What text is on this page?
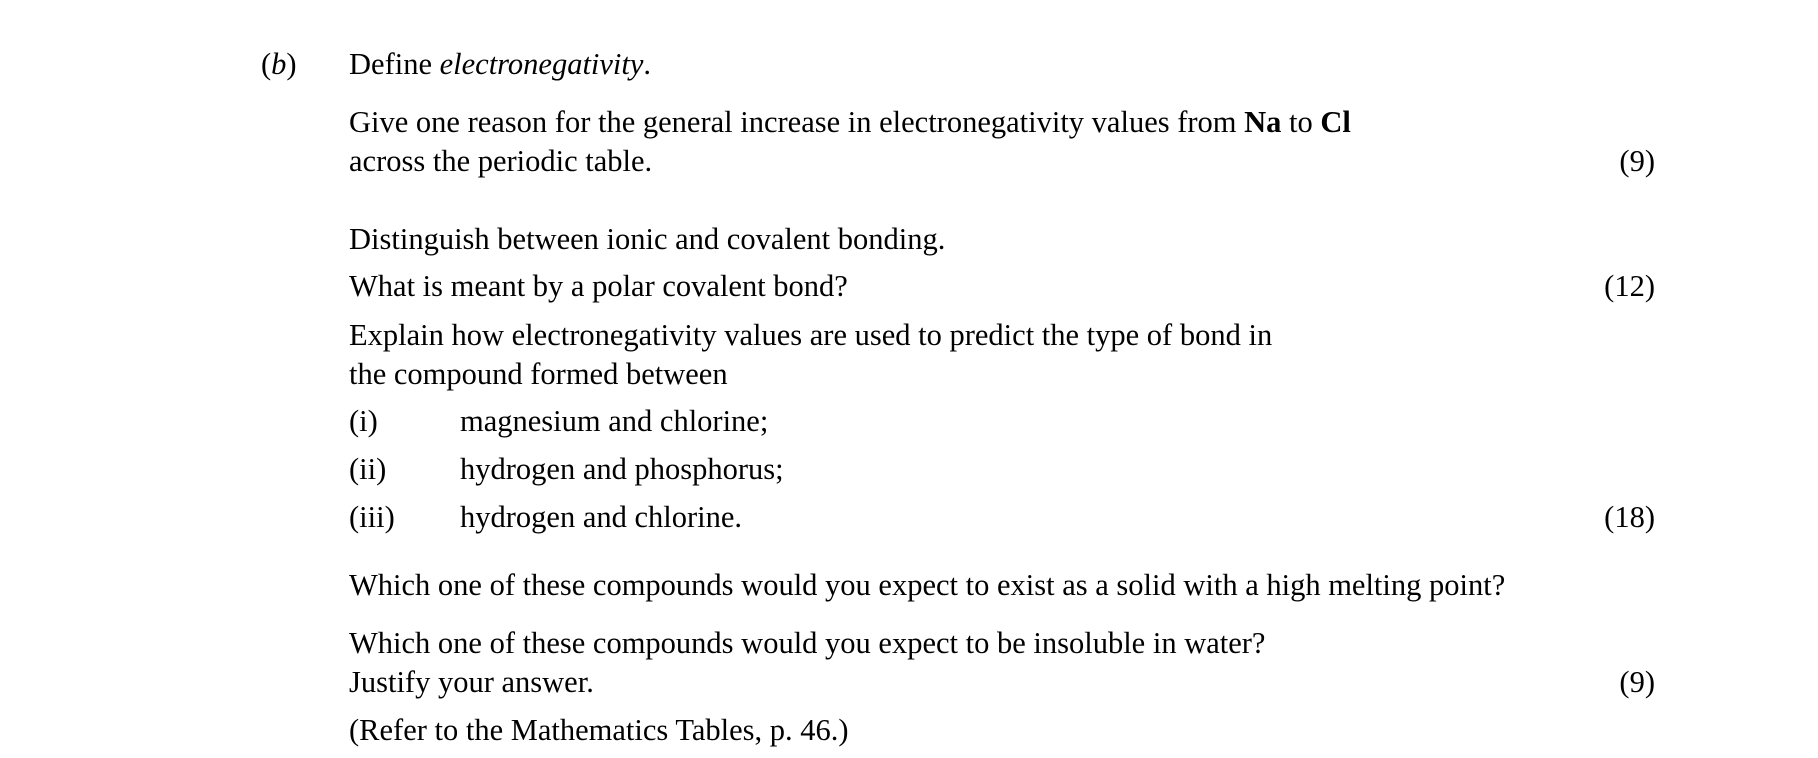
(b) Define electronegativity.
Give one reason for the general increase in electronegativity values from Na to Cl
across the periodic table.	(9)
Distinguish between ionic and covalent bonding.
What is meant by a polar covalent bond?	(12)
Explain how electronegativity values are used to predict the type of bond in
the compound formed between
(i)	magnesium and chlorine;
(ii) hydrogen and phosphorus;
(iii) hydrogen and chlorine.	(18)
Which one of these compounds would you expect to exist as a solid with a high melting point?
Which one of these compounds would you expect to be insoluble in water?
Justify your answer.	(9)
(Refer to the Mathematics Tables, p. 46.)
